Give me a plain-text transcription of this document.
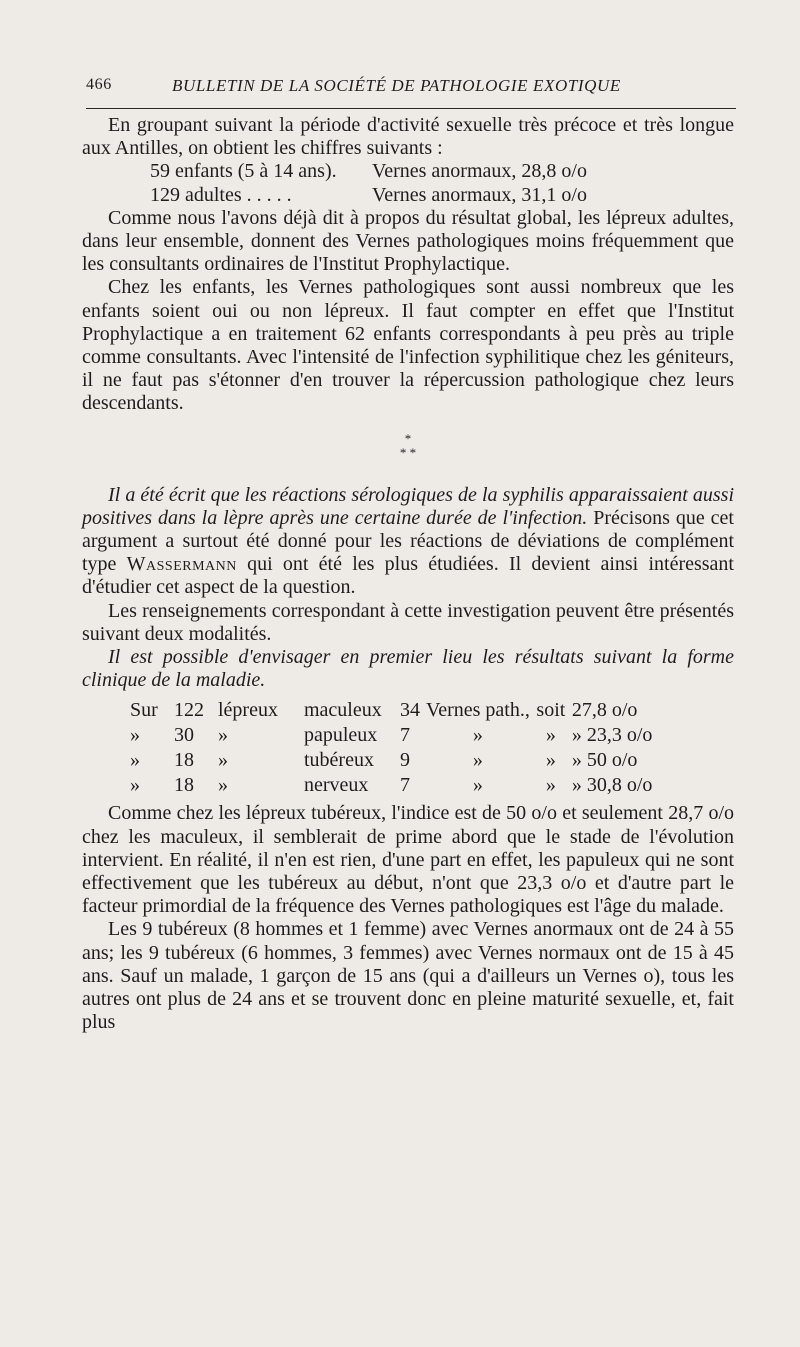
466	BULLETIN DE LA SOCIÉTÉ DE PATHOLOGIE EXOTIQUE

En groupant suivant la période d'activité sexuelle très précoce et très longue aux Antilles, on obtient les chiffres suivants :

59 enfants (5 à 14 ans).	Vernes anormaux, 28,8 o/o
129 adultes . . . . .	Vernes anormaux, 31,1 o/o

Comme nous l'avons déjà dit à propos du résultat global, les lépreux adultes, dans leur ensemble, donnent des Vernes pathologiques moins fréquemment que les consultants ordinaires de l'Institut Prophylactique.

Chez les enfants, les Vernes pathologiques sont aussi nombreux que les enfants soient oui ou non lépreux. Il faut compter en effet que l'Institut Prophylactique a en traitement 62 enfants correspondants à peu près au triple comme consultants. Avec l'intensité de l'infection syphilitique chez les géniteurs, il ne faut pas s'étonner d'en trouver la répercussion pathologique chez leurs descendants.

*
* *

Il a été écrit que les réactions sérologiques de la syphilis apparaissaient aussi positives dans la lèpre après une certaine durée de l'infection. Précisons que cet argument a surtout été donné pour les réactions de déviations de complément type Wassermann qui ont été les plus étudiées. Il devient ainsi intéressant d'étudier cet aspect de la question.

Les renseignements correspondant à cette investigation peuvent être présentés suivant deux modalités.

Il est possible d'envisager en premier lieu les résultats suivant la forme clinique de la maladie.

Sur	122	lépreux	maculeux	34	Vernes path.,	soit	27,8 o/o
»	30	»	papuleux	7	»	»	» 23,3 o/o
»	18	»	tubéreux	9	»	»	» 50 o/o
»	18	»	nerveux	7	»	»	» 30,8 o/o

Comme chez les lépreux tubéreux, l'indice est de 50 o/o et seulement 28,7 o/o chez les maculeux, il semblerait de prime abord que le stade de l'évolution intervient. En réalité, il n'en est rien, d'une part en effet, les papuleux qui ne sont effectivement que les tubéreux au début, n'ont que 23,3 o/o et d'autre part le facteur primordial de la fréquence des Vernes pathologiques est l'âge du malade.

Les 9 tubéreux (8 hommes et 1 femme) avec Vernes anormaux ont de 24 à 55 ans; les 9 tubéreux (6 hommes, 3 femmes) avec Vernes normaux ont de 15 à 45 ans. Sauf un malade, 1 garçon de 15 ans (qui a d'ailleurs un Vernes o), tous les autres ont plus de 24 ans et se trouvent donc en pleine maturité sexuelle, et, fait plus
